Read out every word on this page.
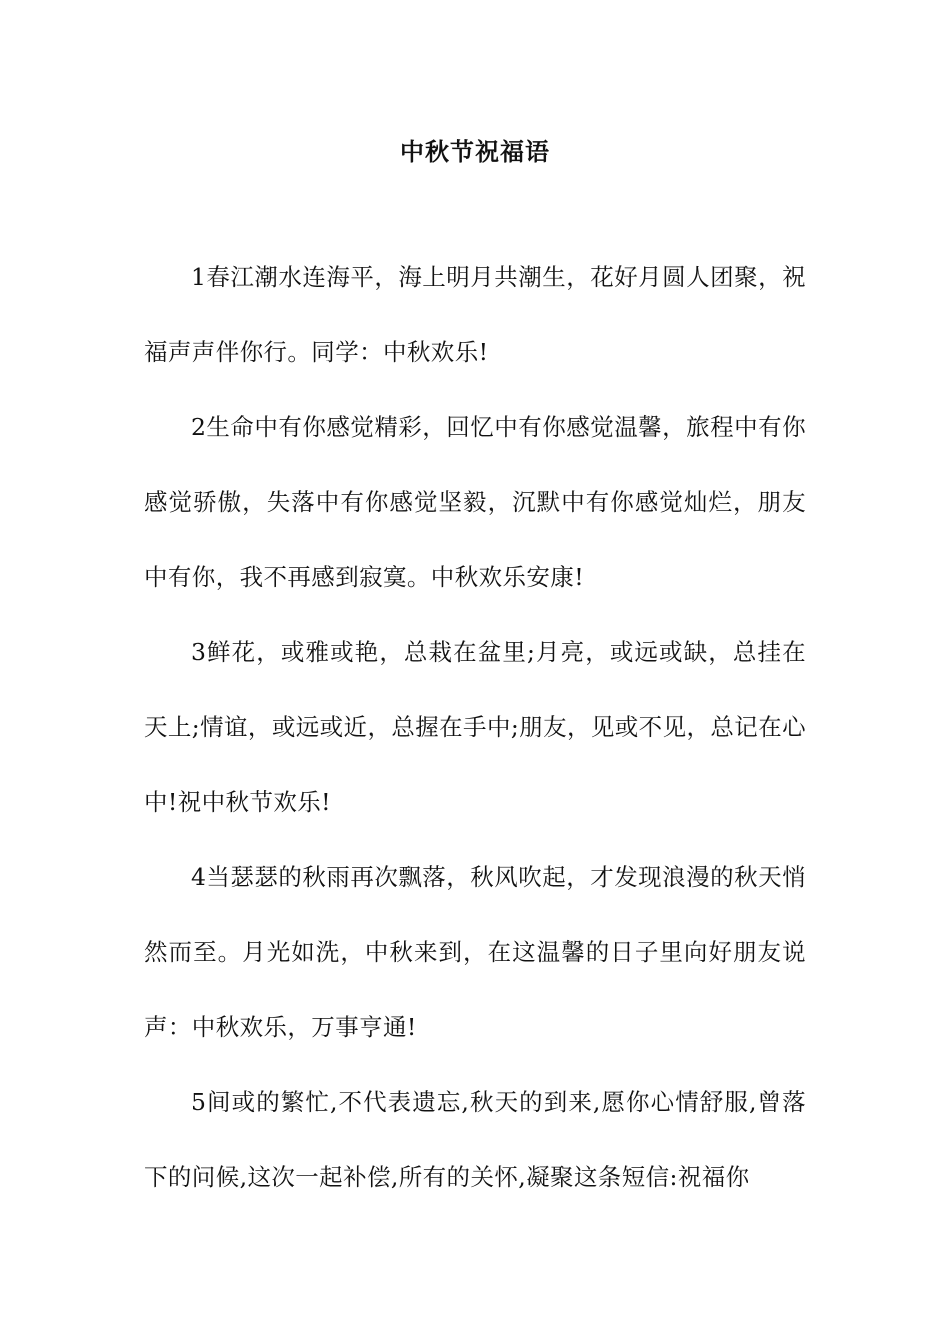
中秋节祝福语
1春江潮水连海平，海上明月共潮生，花好月圆人团聚，祝福声声伴你行。同学：中秋欢乐!
2生命中有你感觉精彩，回忆中有你感觉温馨，旅程中有你感觉骄傲，失落中有你感觉坚毅，沉默中有你感觉灿烂，朋友中有你，我不再感到寂寞。中秋欢乐安康!
3鲜花，或雅或艳，总栽在盆里;月亮，或远或缺，总挂在天上;情谊，或远或近，总握在手中;朋友，见或不见，总记在心中!祝中秋节欢乐!
4当瑟瑟的秋雨再次飘落，秋风吹起，才发现浪漫的秋天悄然而至。月光如洗，中秋来到，在这温馨的日子里向好朋友说声：中秋欢乐，万事亨通!
5间或的繁忙,不代表遗忘,秋天的到来,愿你心情舒服,曾落下的问候,这次一起补偿,所有的关怀,凝聚这条短信:祝福你
